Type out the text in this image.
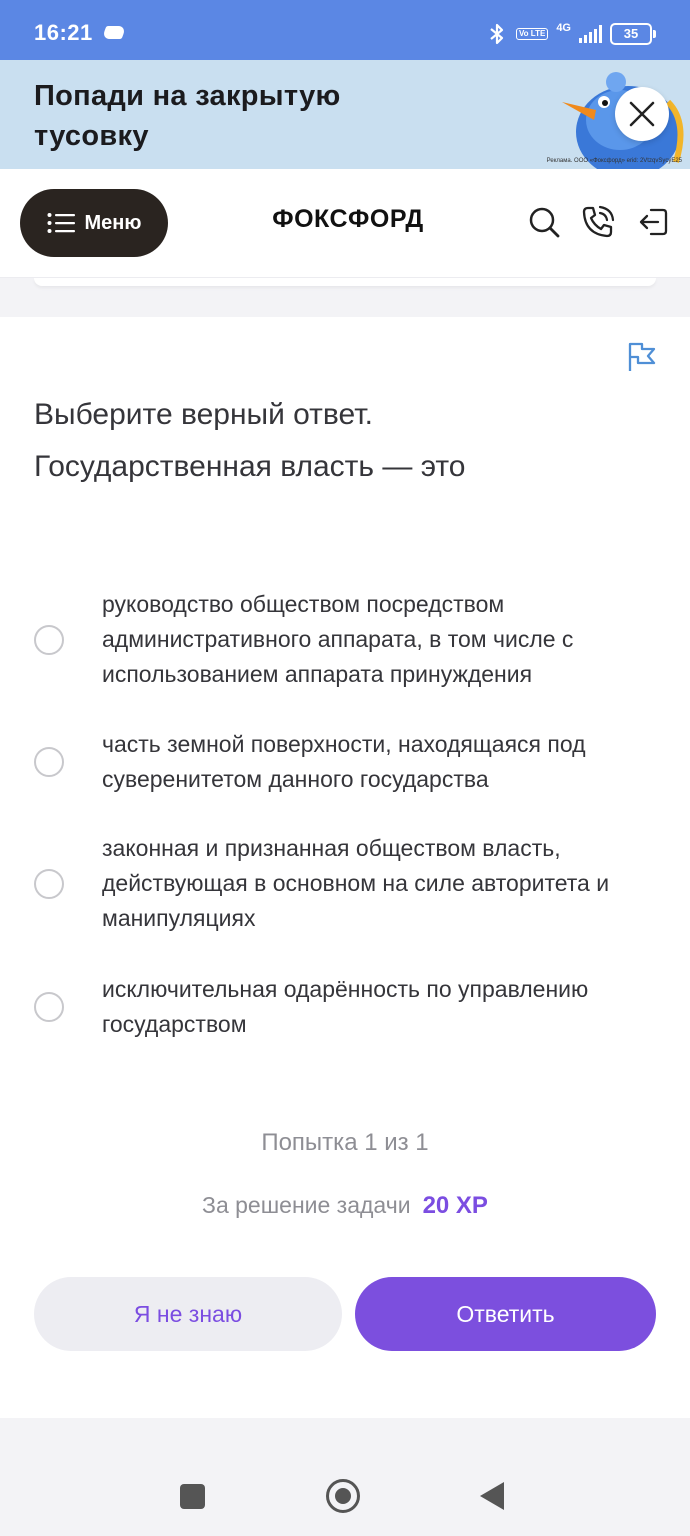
16:21	Vo LTE 4G	35
Попади на закрытую тусовку
Реклама. ООО «Фоксфорд» erid: 2VtzqvSycyE25
Меню	ФОКСФОРД
Выберите верный ответ. Государственная власть — это
руководство обществом посредством административного аппарата, в том числе с использованием аппарата принуждения
часть земной поверхности, находящаяся под суверенитетом данного государства
законная и признанная обществом власть, действующая в основном на силе авторитета и манипуляциях
исключительная одарённость по управлению государством
Попытка 1 из 1
За решение задачи 20 XP
Я не знаю	Ответить
